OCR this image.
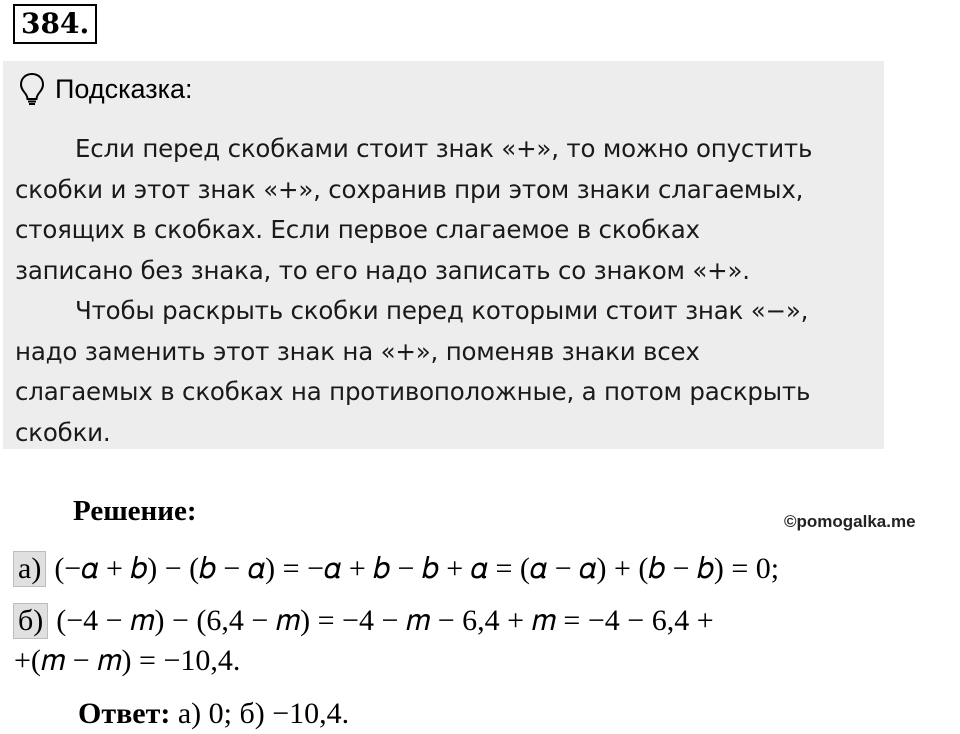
384.
Подсказка:

Если перед скобками стоит знак «+», то можно опустить
скобки и этот знак «+», сохранив при этом знаки слагаемых,
стоящих в скобках. Если первое слагаемое в скобках
записано без знака, то его надо записать со знаком «+».

Чтобы раскрыть скобки перед которыми стоит знак «−»,
надо заменить этот знак на «+», поменяв знаки всех
слагаемых в скобках на противоположные, а потом раскрыть
скобки.

Решение:	©pomogalka.me
а) (−𝛼 + 𝑏) − (𝑏 − 𝛼) = −𝛼 + 𝑏 − 𝑏 + 𝛼 = (𝛼 − 𝛼) + (𝑏 − 𝑏) = 0;
б) (−4 − 𝑚) − (6,4 − 𝑚) = −4 − 𝑚 − 6,4 + 𝑚 = −4 − 6,4 +
+(𝑚 − 𝑚) = −10,4.
Ответ: а) 0; б) −10,4.
